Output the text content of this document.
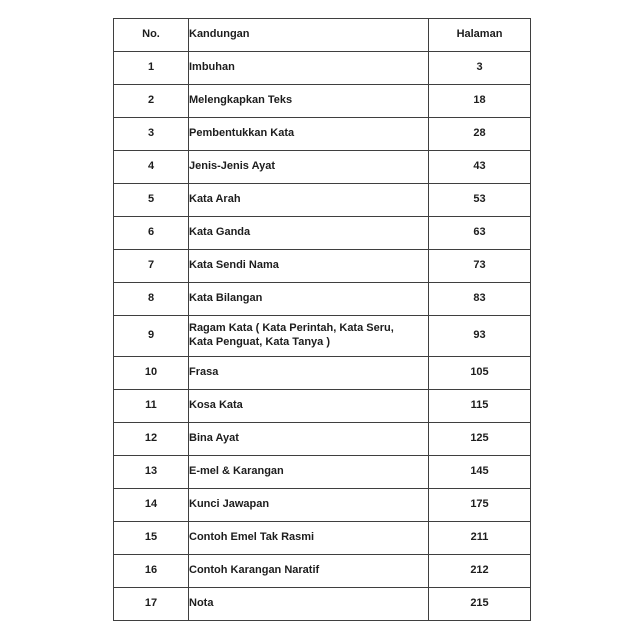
No.	Kandungan	Halaman
1	Imbuhan	3
2	Melengkapkan Teks	18
3	Pembentukkan Kata	28
4	Jenis-Jenis Ayat	43
5	Kata Arah	53
6	Kata Ganda	63
7	Kata Sendi Nama	73
8	Kata Bilangan	83
9	Ragam Kata ( Kata Perintah, Kata Seru, Kata Penguat, Kata Tanya )	93
10	Frasa	105
11	Kosa Kata	115
12	Bina Ayat	125
13	E-mel & Karangan	145
14	Kunci Jawapan	175
15	Contoh Emel Tak Rasmi	211
16	Contoh Karangan Naratif	212
17	Nota	215
